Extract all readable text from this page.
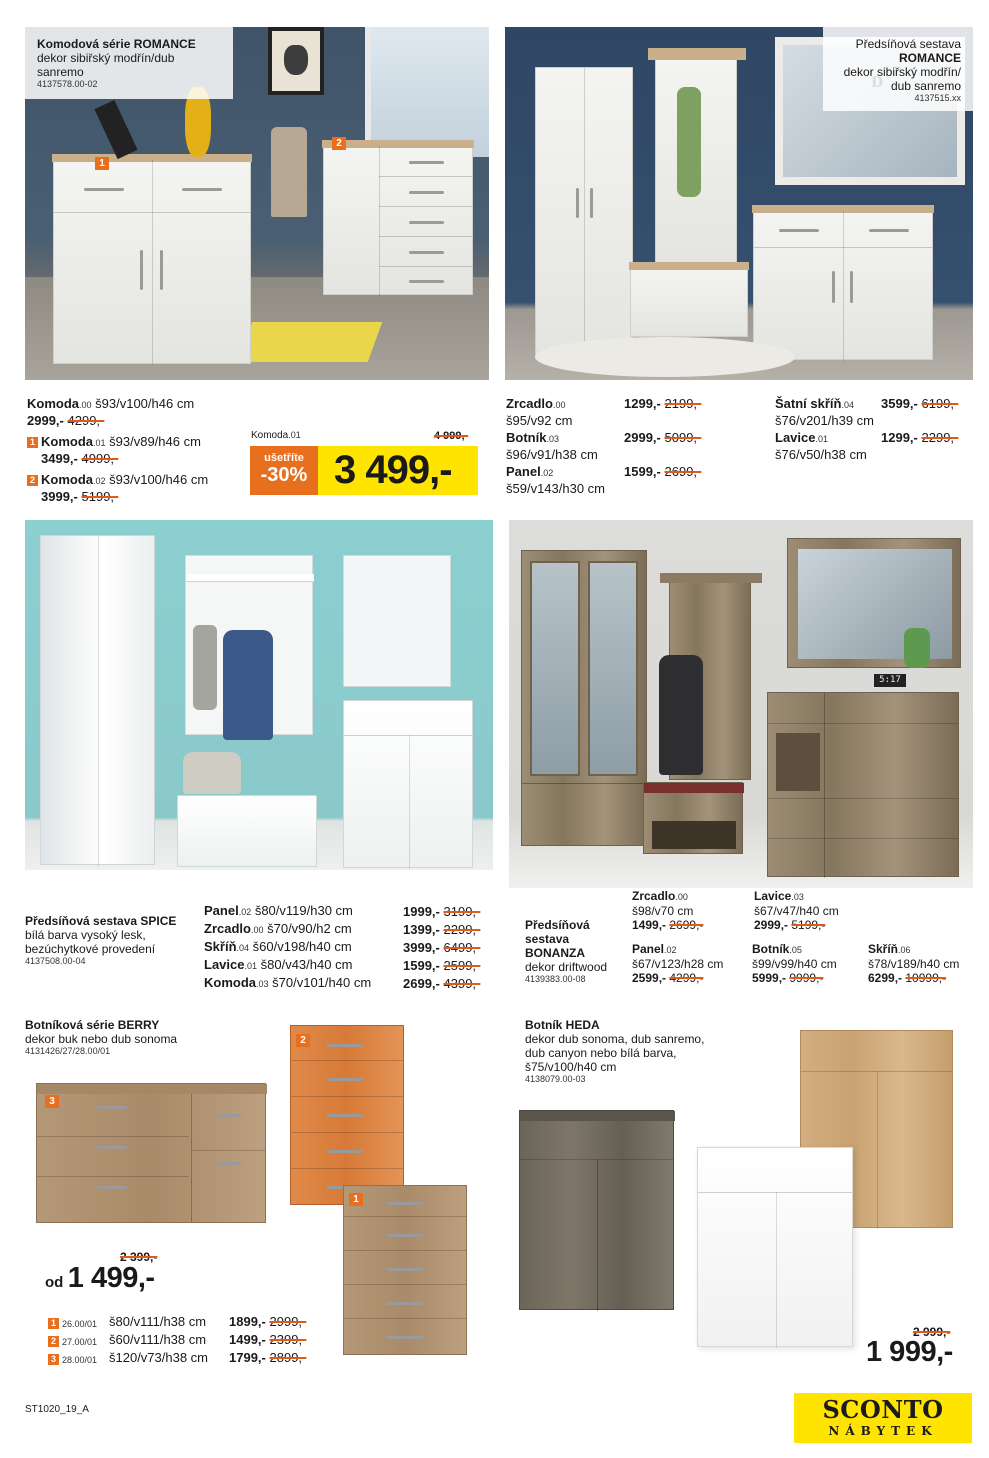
1
2
Komodová série ROMANCE
dekor sibiřský modřín/dub sanremo
4137578.00-02
Komoda.00 š93/v100/h46 cm
2999,- 4299,-
1 Komoda.01 š93/v89/h46 cm
3499,- 4999,-
2 Komoda.02 š93/v100/h46 cm
3999,- 5199,-
Komoda.01	4 999,-
ušetříte
-30% 3 499,-
Předsíňová sestava
ROMANCE
dekor sibiřský modřín/ dub sanremo
4137515.xx
Zrcadlo.00
š95/v92 cm
1299,- 2199,-
Botník.03
š96/v91/h38 cm
2999,- 5099,-
Panel.02
š59/v143/h30 cm
1599,- 2699,-
Šatní skříň.04
š76/v201/h39 cm
3599,- 6199,-
Lavice.01
š76/v50/h38 cm
1299,- 2299,-
Předsíňová sestava SPICE
bílá barva vysoký lesk, bezúchytkové provedení
4137508.00-04
Panel.02 š80/v119/h30 cm	1999,- 3199,-
Zrcadlo.00 š70/v90/h2 cm	1399,- 2299,-
Skříň.04 š60/v198/h40 cm	3999,- 6499,-
Lavice.01 š80/v43/h40 cm	1599,- 2599,-
Komoda.03 š70/v101/h40 cm 2699,- 4399,-
5:17
Předsíňová
sestava
BONANZA
dekor driftwood
4139383.00-08
Zrcadlo.00
š98/v70 cm
1499,- 2699,-
Lavice.03
š67/v47/h40 cm
2999,- 5199,-
Panel.02
š67/v123/h28 cm
2599,- 4299,-
Botník.05
š99/v99/h40 cm
5999,- 9999,-
Skříň.06
š78/v189/h40 cm
6299,- 10999,-
Botníková série BERRY
dekor buk nebo dub sonoma
4131426/27/28.00/01
3
2
1
2 399,-
od 1 499,-
1 26.00/01 š80/v111/h38 cm 1899,- 2999,-
2 27.00/01 š60/v111/h38 cm 1499,- 2399,-
3 28.00/01 š120/v73/h38 cm 1799,- 2899,-
Botník HEDA
dekor dub sonoma, dub sanremo,
dub canyon nebo bílá barva,
š75/v100/h40 cm
4138079.00-03
2 999,-
1 999,-
ST1020_19_A	SCONTO
NÁBYTEK
